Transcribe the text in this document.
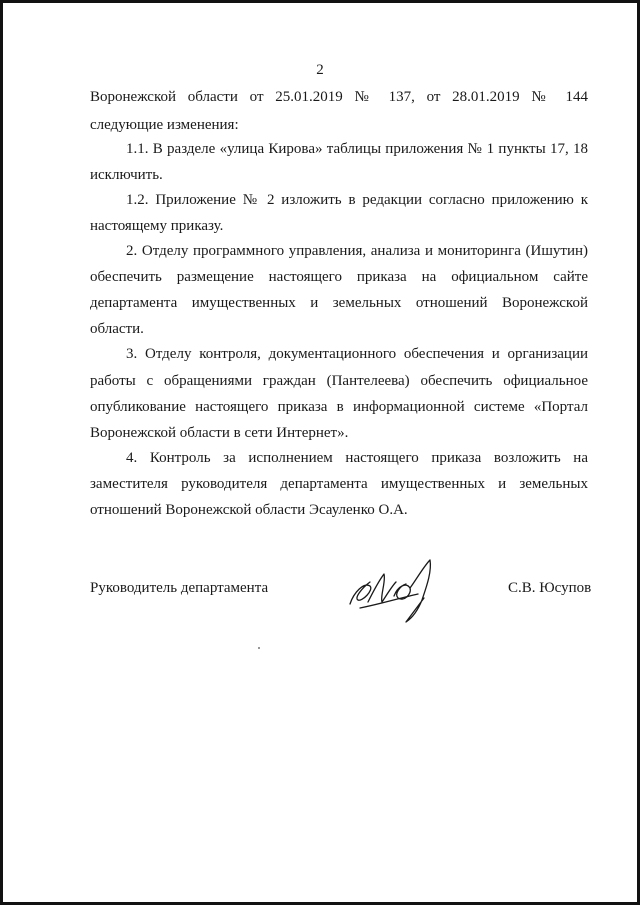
2
Воронежской области от 25.01.2019 № 137, от 28.01.2019 № 144
следующие изменения:
1.1. В разделе «улица Кирова» таблицы приложения № 1 пункты 17, 18
исключить.
1.2. Приложение № 2 изложить в редакции согласно приложению к
настоящему приказу.
2. Отделу программного управления, анализа и мониторинга (Ишутин)
обеспечить размещение настоящего приказа на официальном сайте
департамента имущественных и земельных отношений Воронежской
области.
3. Отделу контроля, документационного обеспечения и организации
работы с обращениями граждан (Пантелеева) обеспечить официальное
опубликование настоящего приказа в информационной системе «Портал
Воронежской области в сети Интернет».
4. Контроль за исполнением настоящего приказа возложить на
заместителя руководителя департамента имущественных и земельных
отношений Воронежской области Эсауленко О.А.
Руководитель департамента	С.В. Юсупов
